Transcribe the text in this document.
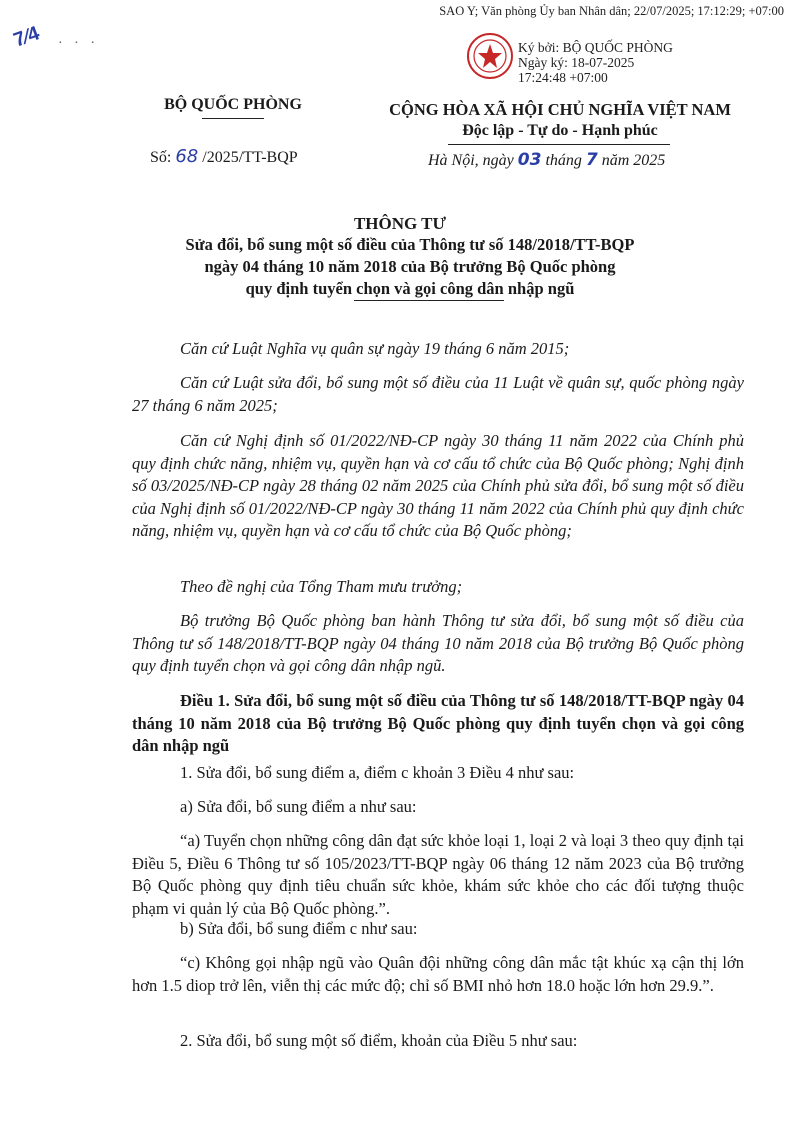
SAO Y; Văn phòng Ủy ban Nhân dân; 22/07/2025; 17:12:29; +07:00
7⁄4 · · ·	Ký bởi: BỘ QUỐC PHÒNG
Ngày ký: 18-07-2025
17:24:48 +07:00
BỘ QUỐC PHÒNG	CỘNG HÒA XÃ HỘI CHỦ NGHĨA VIỆT NAM
Độc lập - Tự do - Hạnh phúc
Số: 68 /2025/TT-BQP	Hà Nội, ngày 03 tháng 7 năm 2025
THÔNG TƯ
Sửa đổi, bổ sung một số điều của Thông tư số 148/2018/TT-BQP
ngày 04 tháng 10 năm 2018 của Bộ trưởng Bộ Quốc phòng
quy định tuyển chọn và gọi công dân nhập ngũ

Căn cứ Luật Nghĩa vụ quân sự ngày 19 tháng 6 năm 2015;

Căn cứ Luật sửa đổi, bổ sung một số điều của 11 Luật về quân sự, quốc phòng ngày 27 tháng 6 năm 2025;

Căn cứ Nghị định số 01/2022/NĐ-CP ngày 30 tháng 11 năm 2022 của Chính phủ quy định chức năng, nhiệm vụ, quyền hạn và cơ cấu tổ chức của Bộ Quốc phòng; Nghị định số 03/2025/NĐ-CP ngày 28 tháng 02 năm 2025 của Chính phủ sửa đổi, bổ sung một số điều của Nghị định số 01/2022/NĐ-CP ngày 30 tháng 11 năm 2022 của Chính phủ quy định chức năng, nhiệm vụ, quyền hạn và cơ cấu tổ chức của Bộ Quốc phòng;

Theo đề nghị của Tổng Tham mưu trưởng;

Bộ trưởng Bộ Quốc phòng ban hành Thông tư sửa đổi, bổ sung một số điều của Thông tư số 148/2018/TT-BQP ngày 04 tháng 10 năm 2018 của Bộ trưởng Bộ Quốc phòng quy định tuyển chọn và gọi công dân nhập ngũ.

Điều 1. Sửa đổi, bổ sung một số điều của Thông tư số 148/2018/TT-BQP ngày 04 tháng 10 năm 2018 của Bộ trưởng Bộ Quốc phòng quy định tuyển chọn và gọi công dân nhập ngũ

1. Sửa đổi, bổ sung điểm a, điểm c khoản 3 Điều 4 như sau:

a) Sửa đổi, bổ sung điểm a như sau:

“a) Tuyển chọn những công dân đạt sức khỏe loại 1, loại 2 và loại 3 theo quy định tại Điều 5, Điều 6 Thông tư số 105/2023/TT-BQP ngày 06 tháng 12 năm 2023 của Bộ trưởng Bộ Quốc phòng quy định tiêu chuẩn sức khỏe, khám sức khỏe cho các đối tượng thuộc phạm vi quản lý của Bộ Quốc phòng.”.

b) Sửa đổi, bổ sung điểm c như sau:

“c) Không gọi nhập ngũ vào Quân đội những công dân mắc tật khúc xạ cận thị lớn hơn 1.5 diop trở lên, viễn thị các mức độ; chỉ số BMI nhỏ hơn 18.0 hoặc lớn hơn 29.9.”.

2. Sửa đổi, bổ sung một số điểm, khoản của Điều 5 như sau:
